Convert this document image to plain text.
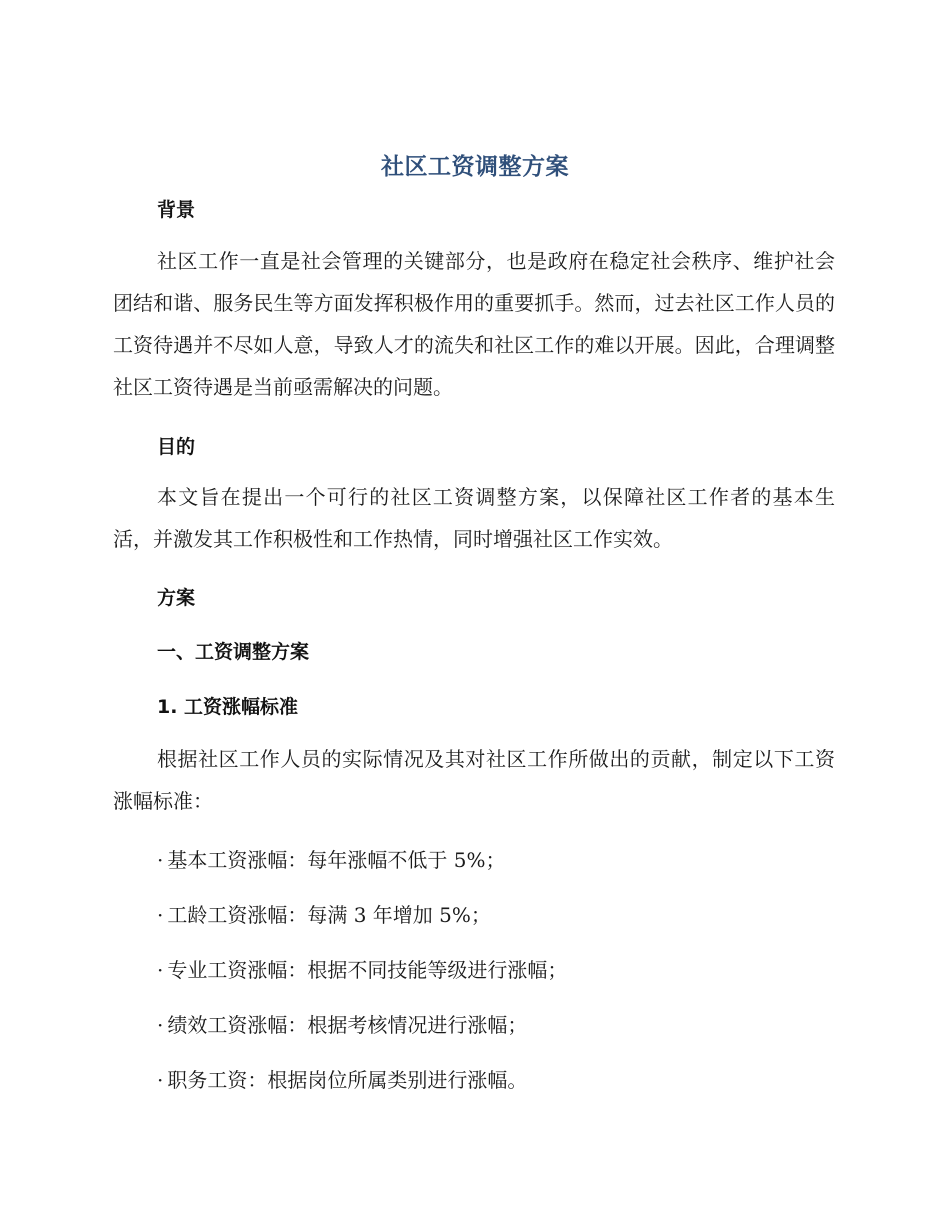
社区工资调整方案
背景

社区工作一直是社会管理的关键部分，也是政府在稳定社会秩序、维护社会团结和谐、服务民生等方面发挥积极作用的重要抓手。然而，过去社区工作人员的工资待遇并不尽如人意，导致人才的流失和社区工作的难以开展。因此，合理调整社区工资待遇是当前亟需解决的问题。

目的

本文旨在提出一个可行的社区工资调整方案，以保障社区工作者的基本生活，并激发其工作积极性和工作热情，同时增强社区工作实效。

方案
一、工资调整方案
1. 工资涨幅标准

根据社区工作人员的实际情况及其对社区工作所做出的贡献，制定以下工资涨幅标准：

· 基本工资涨幅：每年涨幅不低于 5%；
· 工龄工资涨幅：每满 3 年增加 5%；
· 专业工资涨幅：根据不同技能等级进行涨幅；
· 绩效工资涨幅：根据考核情况进行涨幅；
· 职务工资：根据岗位所属类别进行涨幅。
